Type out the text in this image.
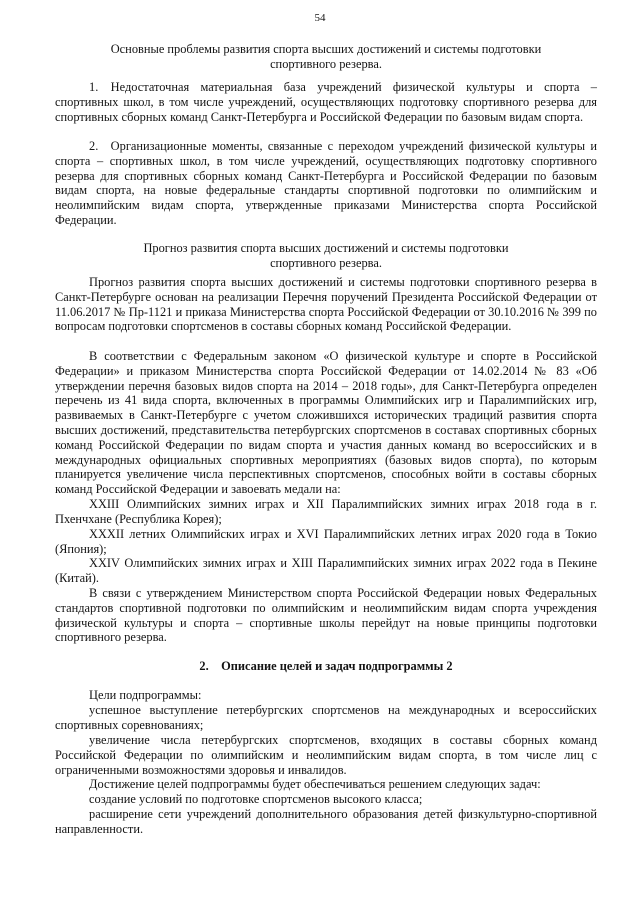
54
Основные проблемы развития спорта высших достижений и системы подготовки
спортивного резерва.
1. Недостаточная материальная база учреждений физической культуры и спорта – спортивных школ, в том числе учреждений, осуществляющих подготовку спортивного резерва для спортивных сборных команд Санкт-Петербурга и Российской Федерации по базовым видам спорта.
2. Организационные моменты, связанные с переходом учреждений физической культуры и спорта – спортивных школ, в том числе учреждений, осуществляющих подготовку спортивного резерва для спортивных сборных команд Санкт-Петербурга и Российской Федерации по базовым видам спорта, на новые федеральные стандарты спортивной подготовки по олимпийским и неолимпийским видам спорта, утвержденные приказами Министерства спорта Российской Федерации.
Прогноз развития спорта высших достижений и системы подготовки
спортивного резерва.
Прогноз развития спорта высших достижений и системы подготовки спортивного резерва в Санкт-Петербурге основан на реализации Перечня поручений Президента Российской Федерации от 11.06.2017 № Пр-1121 и приказа Министерства спорта Российской Федерации от 30.10.2016 № 399 по вопросам подготовки спортсменов в составы сборных команд Российской Федерации.
В соответствии с Федеральным законом «О физической культуре и спорте в Российской Федерации» и приказом Министерства спорта Российской Федерации от 14.02.2014 № 83 «Об утверждении перечня базовых видов спорта на 2014 – 2018 годы», для Санкт-Петербурга определен перечень из 41 вида спорта, включенных в программы Олимпийских игр и Паралимпийских игр, развиваемых в Санкт-Петербурге с учетом сложившихся исторических традиций развития спорта высших достижений, представительства петербургских спортсменов в составах спортивных сборных команд Российской Федерации по видам спорта и участия данных команд во всероссийских и в международных официальных спортивных мероприятиях (базовых видов спорта), по которым планируется увеличение числа перспективных спортсменов, способных войти в составы сборных команд Российской Федерации и завоевать медали на:
XXIII Олимпийских зимних играх и XII Паралимпийских зимних играх 2018 года в г. Пхенчхане (Республика Корея);
XXXII летних Олимпийских играх и XVI Паралимпийских летних играх 2020 года в Токио (Япония);
XXIV Олимпийских зимних играх и XIII Паралимпийских зимних играх 2022 года в Пекине (Китай).
В связи с утверждением Министерством спорта Российской Федерации новых Федеральных стандартов спортивной подготовки по олимпийским и неолимпийским видам спорта учреждения физической культуры и спорта – спортивные школы перейдут на новые принципы подготовки спортивного резерва.
2. Описание целей и задач подпрограммы 2
Цели подпрограммы:
успешное выступление петербургских спортсменов на международных и всероссийских спортивных соревнованиях;
увеличение числа петербургских спортсменов, входящих в составы сборных команд Российской Федерации по олимпийским и неолимпийским видам спорта, в том числе лиц с ограниченными возможностями здоровья и инвалидов.
Достижение целей подпрограммы будет обеспечиваться решением следующих задач:
создание условий по подготовке спортсменов высокого класса;
расширение сети учреждений дополнительного образования детей физкультурно-спортивной направленности.
